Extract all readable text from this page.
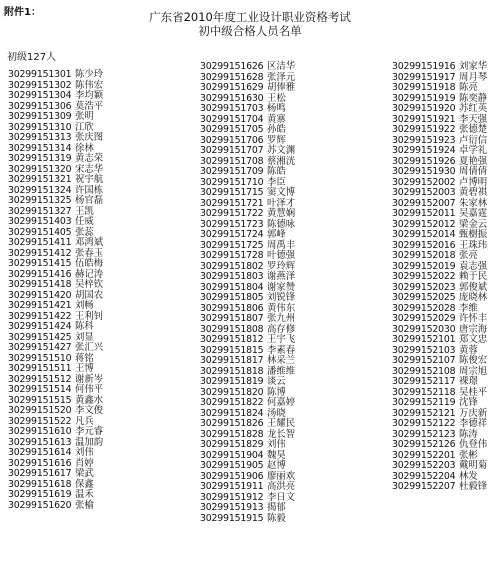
附件1：	广东省2010年度工业设计职业资格考试
初中级合格人员名单
初级127人
30299151301 陈少玲
30299151302 陈伟宏
30299151304 李均颖
30299151306 莫浩平
30299151309 张明
30299151310 江欣
30299151313 张庆图
30299151314 徐林
30299151319 黄志荣
30299151320 宋志华
30299151321 祝宇航
30299151324 许国栋
30299151325 杨官磊
30299151327 王凯
30299151403 任威
30299151405 张蕊
30299151411 邓鸿斌
30299151412 张春玉
30299151415 伍皓梅
30299151416 赫记涛
30299151418 吴梓钦
30299151420 胡国农
30299151421 刘畅
30299151422 王利钊
30299151424 陈科
30299151425 刘显
30299151427 张汇兴
30299151510 蒋铭
30299151511 王博
30299151512 谢新岑
30299151514 何伟平
30299151515 黄鑫水
30299151520 李文俊
30299151522 凡兵
30299151610 李元睿
30299151613 温加韵
30299151614 刘伟
30299151616 肖婷
30299151617 梁武
30299151618 保鑫
30299151619 温禾
30299151620 张榆
30299151626 区洁华
30299151628 张泽元
30299151629 胡俸雅
30299151630 王松
30299151703 杨鸣
30299151704 黄寨
30299151705 孙皓
30299151706 罗辉
30299151707 苏文渊
30299151708 蔡湘洸
30299151709 陈皓
30299151710 李臣
30299151715 窦文博
30299151721 叶泽才
30299151722 黄慧娴
30299151723 陈德咏
30299151724 郭峰
30299151725 周禹丰
30299151728 叶德强
30299151802 罗玲辉
30299151803 谢燕泽
30299151804 谢家赞
30299151805 刘锐锋
30299151806 黄伟东
30299151807 张九州
30299151808 高存修
30299151812 王宇飞
30299151815 李素春
30299151817 林采兰
30299151818 潘维维
30299151819 谈云
30299151820 陈博
30299151822 何嘉婷
30299151824 汤晓
30299151826 王耀民
30299151828 龙长智
30299151829 刘伟
30299151904 魏昊
30299151905 赵博
30299151906 廖丽欢
30299151911 高洪亮
30299151912 李日文
30299151913 揭郁
30299151915 陈毅
30299151916 刘家华
30299151917 周月琴
30299151918 陈亮
30299151919 陈奕静
30299151920 苏红英
30299151921 李天强
30299151922 张德楚
30299151923 卢衍信
30299151924 卓学礼
30299151926 夏艳强
30299151930 周倩倩
30299152002 卢博明
30299152003 黄碧祺
30299152007 朱家林
30299152011 吴嘉霆
30299152012 梁金云
30299152014 甄樹振
30299152016 王珠玮
30299152018 张亮
30299152019 袁志强
30299152022 赖于民
30299152023 郭俊斌
30299152025 庞晓林
30299152028 李维
30299152029 许怀丰
30299152030 唐宗海
30299152101 郑文忠
30299152103 黄蓉
30299152107 陈俊宏
30299152108 周宗旭
30299152117 裸璟
30299152118 吴桂平
30299152119 沈锋
30299152121 万庆新
30299152122 李德祥
30299152123 陈涛
30299152126 仇登伟
30299152201 张彬
30299152203 戴明菊
30299152204 林发
30299152207 杜毅锋
